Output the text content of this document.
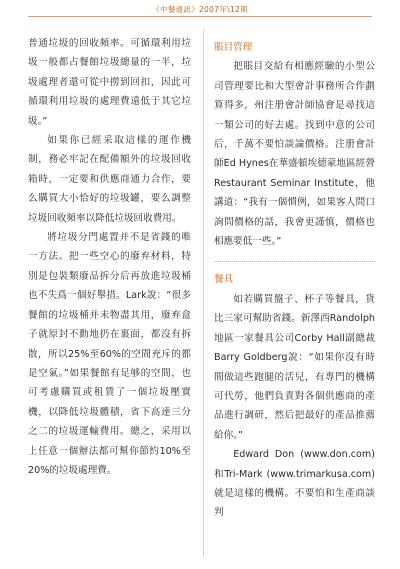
《中餐通訊》2007年\12期

普通垃圾的回收頻率。可循環利用垃圾一般都占餐館垃圾總量的一半，垃圾處理者還可從中撈到回扣，因此可循環利用垃圾的處理費遠低于其它垃圾。”

如果你已經采取這樣的運作機制，務必牢記在配備額外的垃圾回收箱時，一定要和供應商通力合作，要么購買大小恰好的垃圾罐，要么調整垃圾回收頻率以降低垃圾回收費用。

將垃圾分門處置并不是省錢的唯一方法。把一些空心的廢弃材料，特別是包裝類廢品拆分后再放進垃圾桶也不失爲一個好舉措。Lark說：“很多餐館的垃圾桶并未物盡其用，廢弃盒子就原封不動地扔在裏面，都沒有拆散，所以25%至60%的空間充斥的都是空氣。”如果餐館有足够的空間，也可考慮購買或租賃了一個垃圾壓實機，以降低垃圾體積，省下高達三分之二的垃圾運輸費用。總之，采用以上任意一個辦法都可幫你節約10%至20%的垃圾處理費。

賬目管理

把賬目交給有相應經驗的小型公司管理要比和大型會計事務所合作劃算得多，州注册會計師協會是尋找這一類公司的好去處。找到中意的公司后，千萬不要怕談論價格。注册會計師Ed Hynes在華盛頓埃德蒙地區經營Restaurant Seminar Institute，他講道：“我有一個慣例，如果客人問口詢問價格的話，我會更謹慎，價格也相應要低一些。”

餐具

如若購買盤子、杯子等餐具，貨比三家可幫助省錢。新澤西Randolph地區一家餐具公司Corby Hall副總裁Barry Goldberg說：“如果你沒有時間做這些跑腿的活兒，有專門的機構可代勞，他們負責對各個供應商的產品進行調研，然后把最好的產品推薦給你。”

Edward Don (www.don.com) 和Tri-Mark (www.trimarkusa.com)就是這樣的機構。不要怕和生產商談判
